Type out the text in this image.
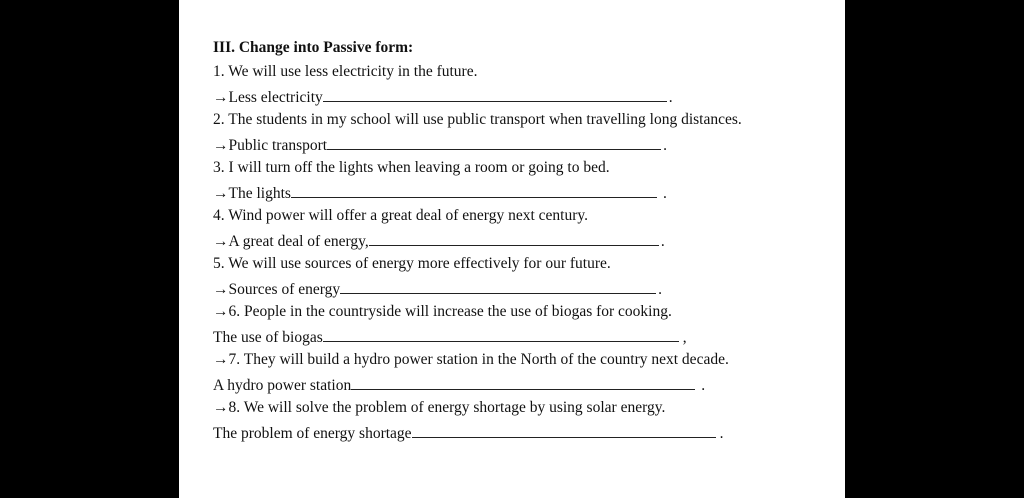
III. Change into Passive form:
1. We will use less electricity in the future.
→Less electricity	.
2. The students in my school will use public transport when travelling long distances.
→Public transport	.
3. I will turn off the lights when leaving a room or going to bed.
→The lights	.
4. Wind power will offer a great deal of energy next century.
→A great deal of energy,	.
5. We will use sources of energy more effectively for our future.
→Sources of energy	.
→6. People in the countryside will increase the use of biogas for cooking.
The use of biogas	,
→7. They will build a hydro power station in the North of the country next decade.
A hydro power station	.
→8. We will solve the problem of energy shortage by using solar energy.
The problem of energy shortage	.
